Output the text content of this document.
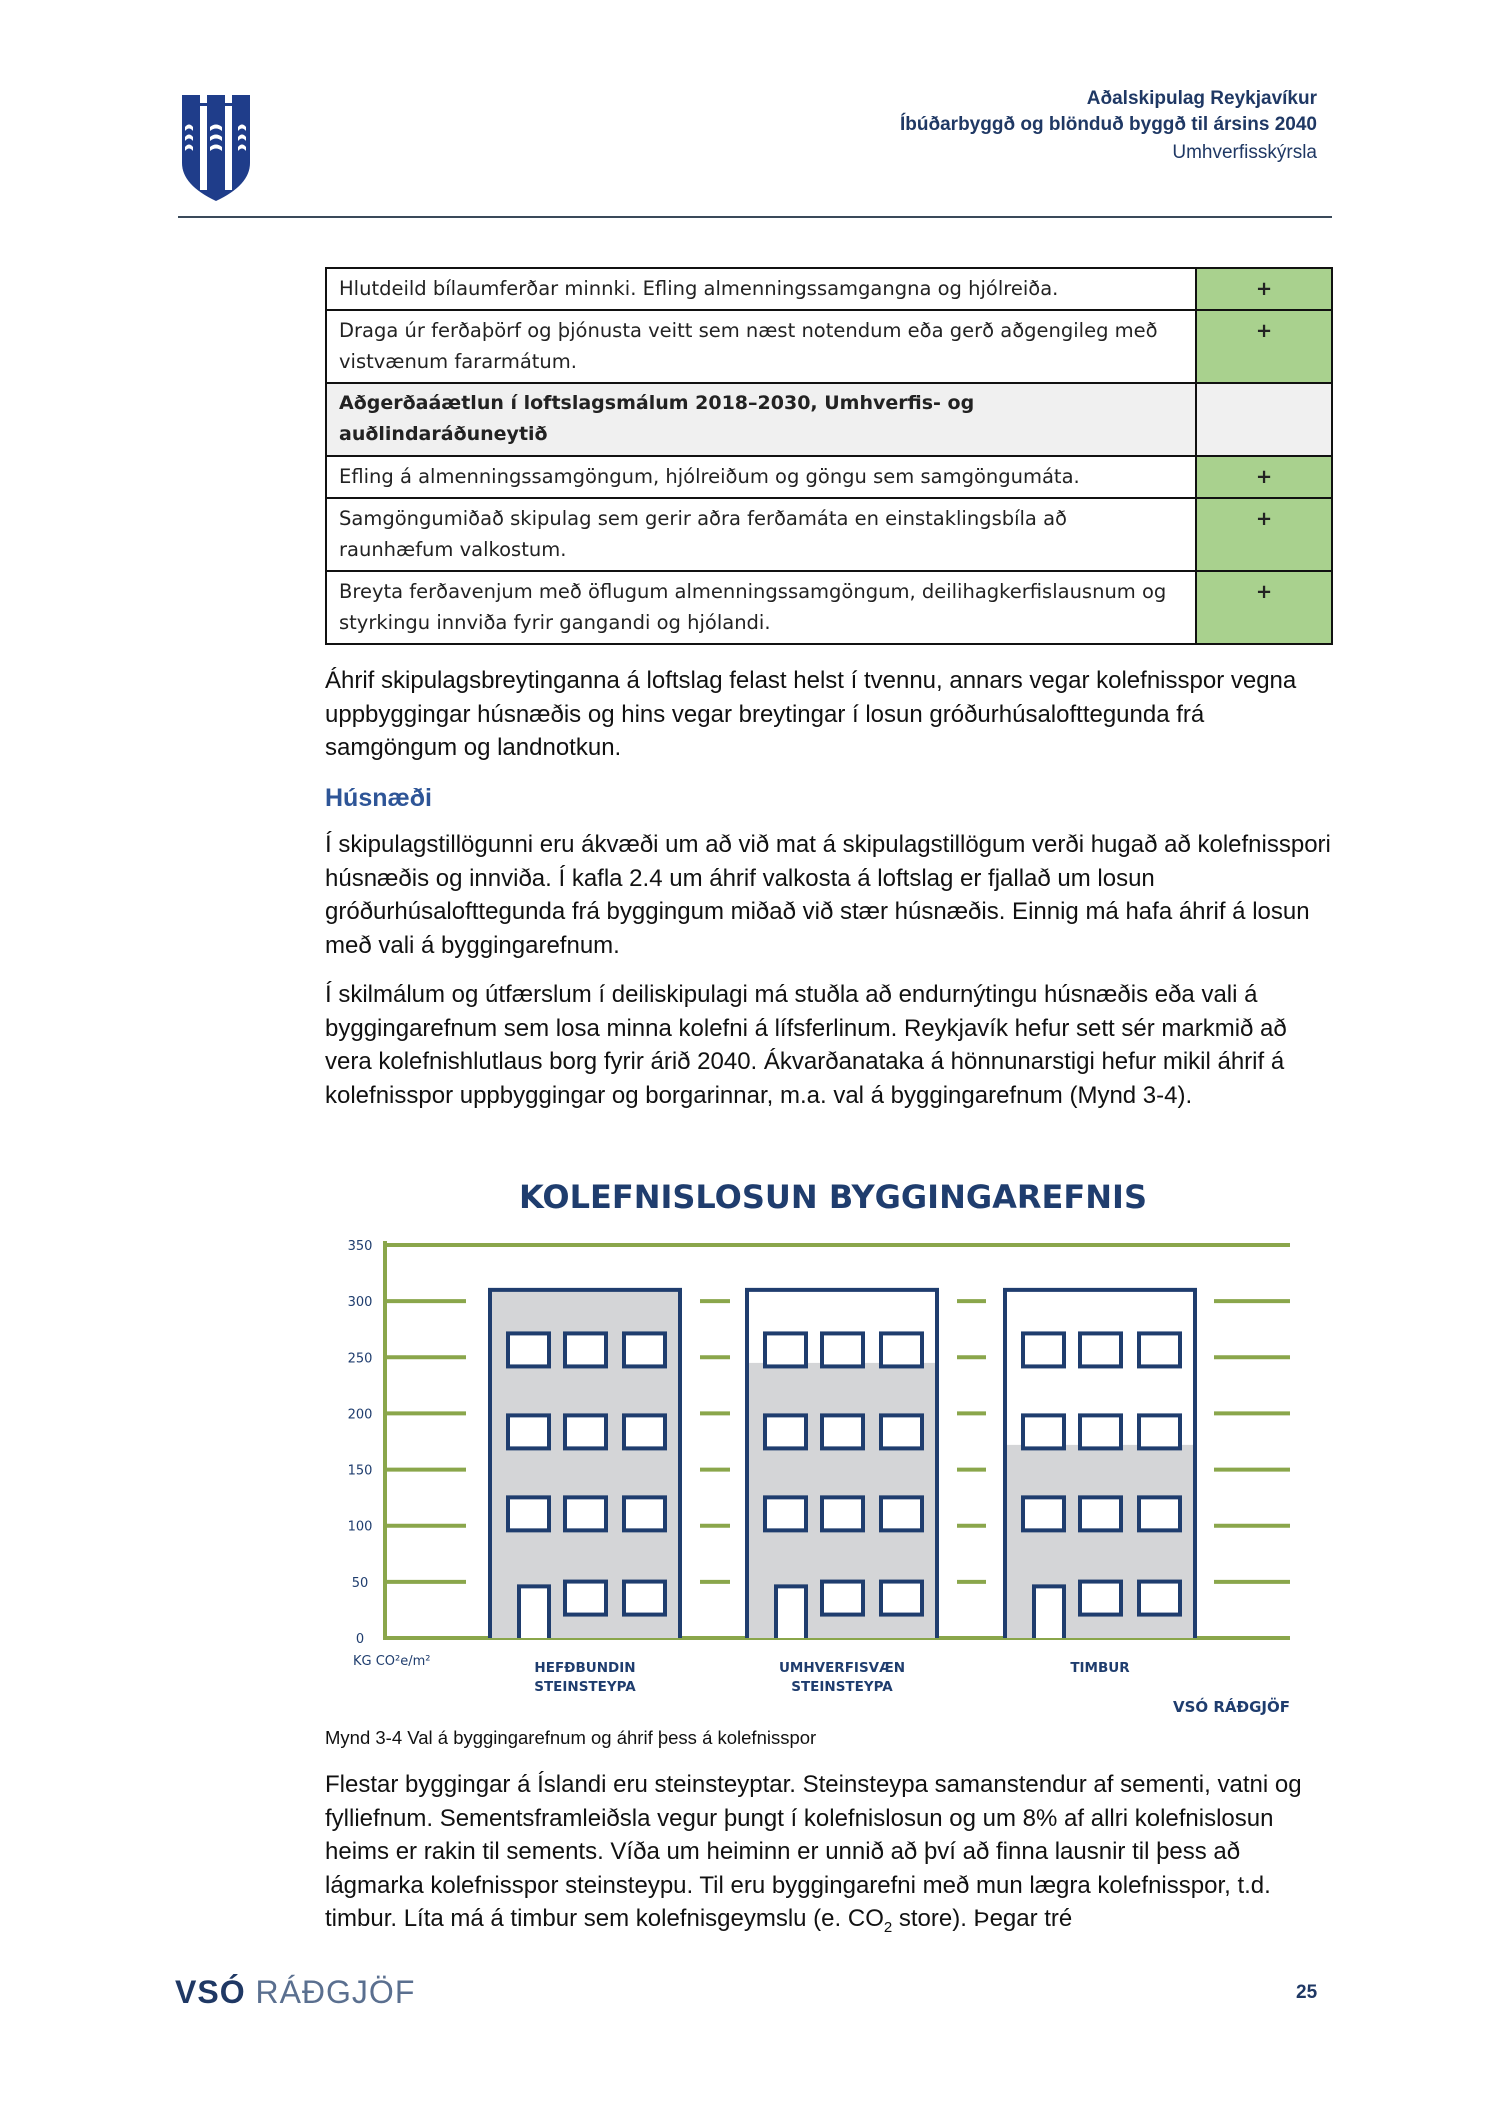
Aðalskipulag Reykjavíkur
Íbúðarbyggð og blönduð byggð til ársins 2040
Umhverfisskýrsla
Hlutdeild bílaumferðar minnki. Efling almenningssamgangna og hjólreiða.	+
Draga úr ferðaþörf og þjónusta veitt sem næst notendum eða gerð aðgengileg með vistvænum fararmátum.	+
Aðgerðaáætlun í loftslagsmálum 2018–2030, Umhverfis- og auðlindaráðuneytið	
Efling á almenningssamgöngum, hjólreiðum og göngu sem samgöngumáta.	+
Samgöngumiðað skipulag sem gerir aðra ferðamáta en einstaklingsbíla að raunhæfum valkostum.	+
Breyta ferðavenjum með öflugum almenningssamgöngum, deilihagkerfislausnum og styrkingu innviða fyrir gangandi og hjólandi.	+
Áhrif skipulagsbreytinganna á loftslag felast helst í tvennu, annars vegar kolefnisspor vegna uppbyggingar húsnæðis og hins vegar breytingar í losun gróðurhúsalofttegunda frá samgöngum og landnotkun.
Húsnæði
Í skipulagstillögunni eru ákvæði um að við mat á skipulagstillögum verði hugað að kolefnisspori húsnæðis og innviða. Í kafla 2.4 um áhrif valkosta á loftslag er fjallað um losun gróðurhúsalofttegunda frá byggingum miðað við stær húsnæðis. Einnig má hafa áhrif á losun með vali á byggingarefnum.
Í skilmálum og útfærslum í deiliskipulagi má stuðla að endurnýtingu húsnæðis eða vali á byggingarefnum sem losa minna kolefni á lífsferlinum. Reykjavík hefur sett sér markmið að vera kolefnishlutlaus borg fyrir árið 2040. Ákvarðanataka á hönnunarstigi hefur mikil áhrif á kolefnisspor uppbyggingar og borgarinnar, m.a. val á byggingarefnum (Mynd 3-4).
KOLEFNISLOSUN BYGGINGAREFNIS
0
50
100
150
200
250
300
350
HEFÐBUNDIN
STEINSTEYPA
UMHVERFISVÆN
STEINSTEYPA
TIMBUR
KG CO²e/m²
VSÓ RÁÐGJÖF
Mynd 3-4 Val á byggingarefnum og áhrif þess á kolefnisspor
Flestar byggingar á Íslandi eru steinsteyptar. Steinsteypa samanstendur af sementi, vatni og fylliefnum. Sementsframleiðsla vegur þungt í kolefnislosun og um 8% af allri kolefnislosun heims er rakin til sements. Víða um heiminn er unnið að því að finna lausnir til þess að lágmarka kolefnisspor steinsteypu. Til eru byggingarefni með mun lægra kolefnisspor, t.d. timbur. Líta má á timbur sem kolefnisgeymslu (e. $CO_2$ store). Þegar tré
VSÓ RÁÐGJÖF	25
